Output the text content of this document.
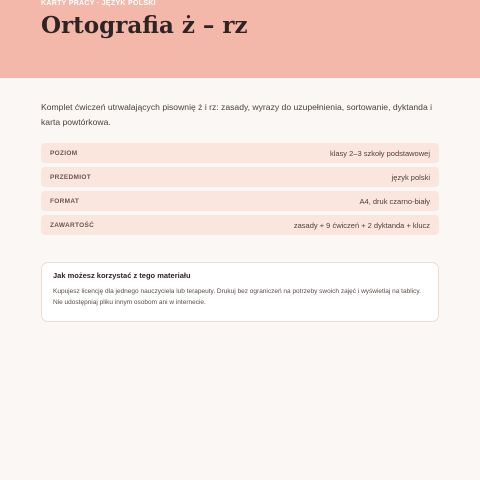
KARTY PRACY · JĘZYK POLSKI
Ortografia ż – rz

Komplet ćwiczeń utrwalających pisownię ż i rz: zasady, wyrazy do uzupełnienia, sortowanie, dyktanda i karta powtórkowa.

POZIOM	klasy 2–3 szkoły podstawowej
PRZEDMIOT	język polski
FORMAT	A4, druk czarno-biały
ZAWARTOŚĆ	zasady + 9 ćwiczeń + 2 dyktanda + klucz
Jak możesz korzystać z tego materiału

Kupujesz licencję dla jednego nauczyciela lub terapeuty. Drukuj bez ograniczeń na potrzeby swoich zajęć i wyświetlaj na tablicy. Nie udostępniaj pliku innym osobom ani w internecie.
